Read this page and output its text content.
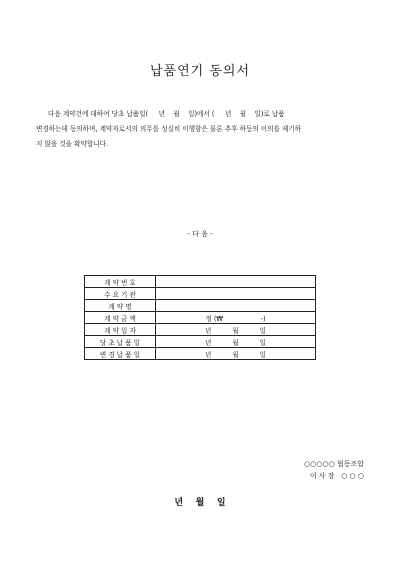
납품연기 동의서
다음 계약건에 대하여 당초 납품일(     년    월    일)에서 (     년    월    일)로 납품
변경하는데 동의하며, 계약자로서의 의무를 성실히 이행함은 물론 추후 하등의 이의를 제기하
지 않을 것을 확약합니다.
- 다 음 -
계 약 번 호	
수 요 기 관	
계 약 명	
계 약 금 액	정 (₩                  -)
계 약 일 자	년          월          일
당 초 납 품 일	년          월          일
변 경 납 품 일	년          월          일
○○○○○ 협동조합
이 사 장   ○ ○ ○
년    월    일
